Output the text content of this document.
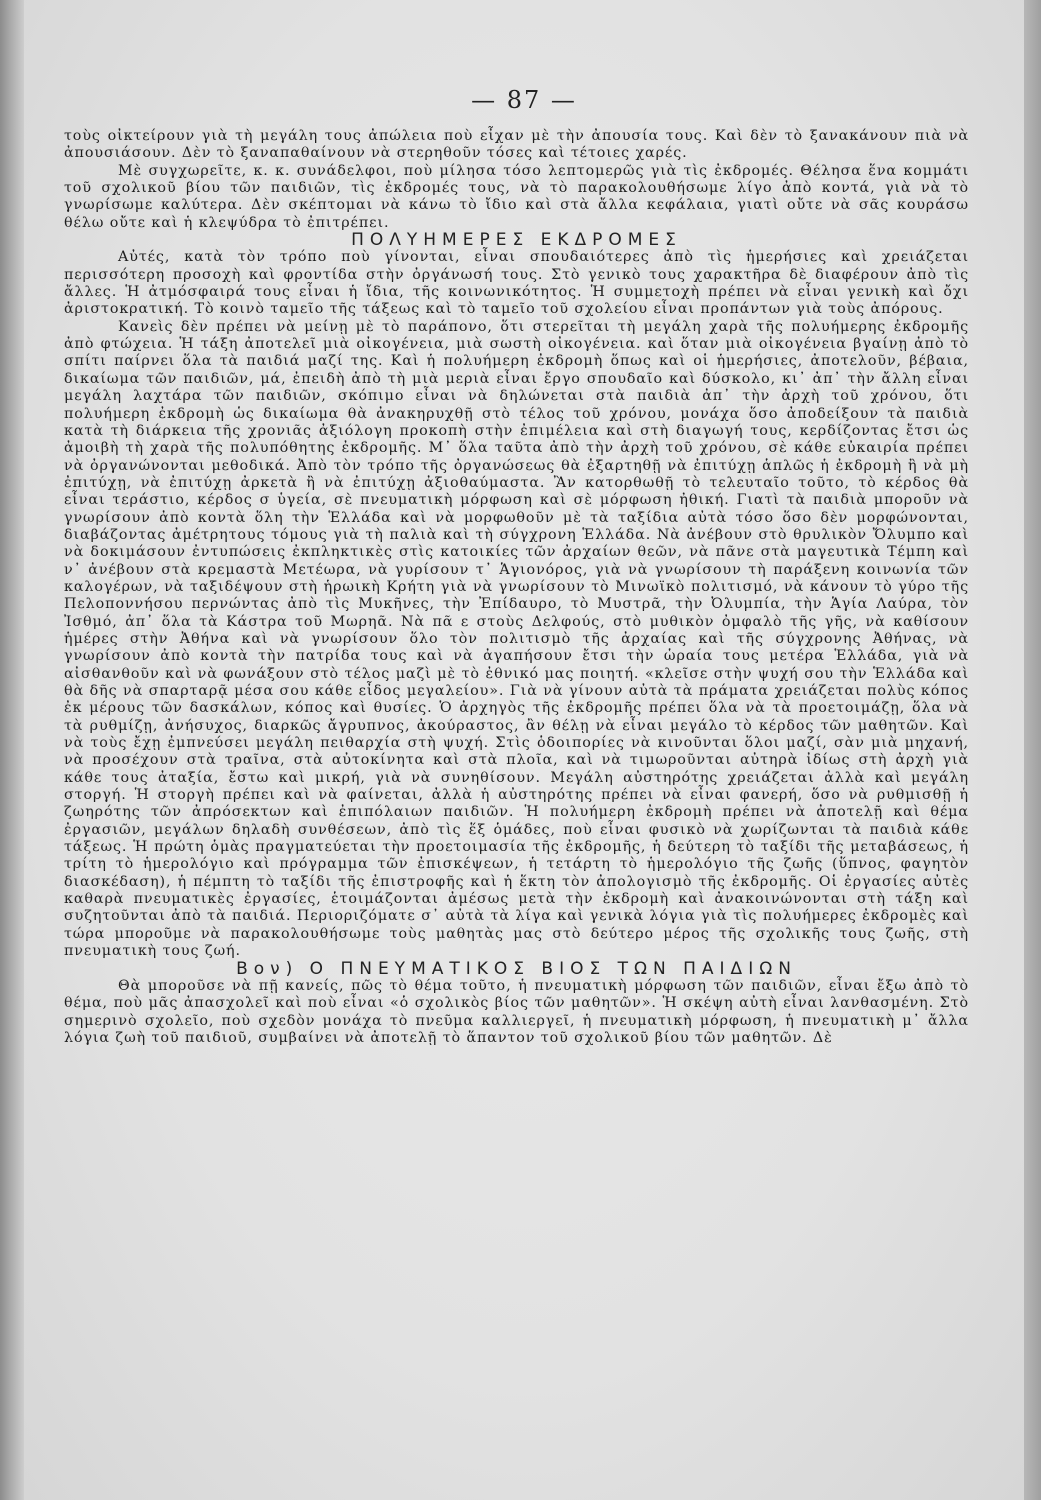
— 87 —

τοὺς οἰκτείρουν γιὰ τὴ μεγάλη τους ἀπώλεια ποὺ εἶχαν μὲ τὴν ἀπουσία τους. Καὶ δὲν τὸ ξανακάνουν πιὰ νὰ ἀπουσιάσουν. Δὲν τὸ ξαναπαθαίνουν νὰ στερηθοῦν τόσες καὶ τέτοιες χαρές.

Μὲ συγχωρεῖτε, κ. κ. συνάδελφοι, ποὺ μίλησα τόσο λεπτομερῶς γιὰ τὶς ἐκδρομές. Θέλησα ἕνα κομμάτι τοῦ σχολικοῦ βίου τῶν παιδιῶν, τὶς ἐκδρομές τους, νὰ τὸ παρακολουθήσωμε λίγο ἀπὸ κοντά, γιὰ νὰ τὸ γνωρίσωμε καλύτερα. Δὲν σκέπτομαι νὰ κάνω τὸ ἴδιο καὶ στὰ ἄλλα κεφάλαια, γιατὶ οὔτε νὰ σᾶς κουράσω θέλω οὔτε καὶ ἡ κλεψύδρα τὸ ἐπιτρέπει.

ΠΟΛΥΗΜΕΡΕΣ ΕΚΔΡΟΜΕΣ

Αὐτές, κατὰ τὸν τρόπο ποὺ γίνονται, εἶναι σπουδαιότερες ἀπὸ τὶς ἡμερήσιες καὶ χρειάζεται περισσότερη προσοχὴ καὶ φροντίδα στὴν ὀργάνωσή τους. Στὸ γενικὸ τους χαρακτῆρα δὲ διαφέρουν ἀπὸ τὶς ἄλλες. Ἡ ἀτμόσφαιρά τους εἶναι ἡ ἴδια, τῆς κοινωνικότητος. Ἡ συμμετοχὴ πρέπει νὰ εἶναι γενικὴ καὶ ὄχι ἀριστοκρατική. Τὸ κοινὸ ταμεῖο τῆς τάξεως καὶ τὸ ταμεῖο τοῦ σχολείου εἶναι προπάντων γιὰ τοὺς ἀπόρους.

Κανεὶς δὲν πρέπει νὰ μείνῃ μὲ τὸ παράπονο, ὅτι στερεῖται τὴ μεγάλη χαρὰ τῆς πολυήμερης ἐκδρομῆς ἀπὸ φτώχεια. Ἡ τάξη ἀποτελεῖ μιὰ οἰκογένεια, μιὰ σωστὴ οἰκογένεια. καὶ ὅταν μιὰ οἰκογένεια βγαίνῃ ἀπὸ τὸ σπίτι παίρνει ὅλα τὰ παιδιά μαζί της. Καὶ ἡ πολυήμερη ἐκδρομὴ ὅπως καὶ οἱ ἡμερήσιες, ἀποτελοῦν, βέβαια, δικαίωμα τῶν παιδιῶν, μά, ἐπειδὴ ἀπὸ τὴ μιὰ μεριὰ εἶναι ἔργο σπουδαῖο καὶ δύσκολο, κι᾿ ἀπ᾿ τὴν ἄλλη εἶναι μεγάλη λαχτάρα τῶν παιδιῶν, σκόπιμο εἶναι νὰ δηλώνεται στὰ παιδιὰ ἀπ᾿ τὴν ἀρχὴ τοῦ χρόνου, ὅτι πολυήμερη ἐκδρομὴ ὡς δικαίωμα θὰ ἀνακηρυχθῇ στὸ τέλος τοῦ χρόνου, μονάχα ὅσο ἀποδείξουν τὰ παιδιὰ κατὰ τὴ διάρκεια τῆς χρονιᾶς ἀξιόλογη προκοπὴ στὴν ἐπιμέλεια καὶ στὴ διαγωγή τους, κερδίζοντας ἔτσι ὡς ἀμοιβὴ τὴ χαρὰ τῆς πολυπόθητης ἐκδρομῆς. Μ᾿ ὅλα ταῦτα ἀπὸ τὴν ἀρχὴ τοῦ χρόνου, σὲ κάθε εὐκαιρία πρέπει νὰ ὀργανώνονται μεθοδικά. Ἀπὸ τὸν τρόπο τῆς ὀργανώσεως θὰ ἐξαρτηθῇ νὰ ἐπιτύχῃ ἁπλῶς ἡ ἐκδρομὴ ἢ νὰ μὴ ἐπιτύχῃ, νὰ ἐπιτύχῃ ἀρκετὰ ἢ νὰ ἐπιτύχῃ ἀξιοθαύμαστα. Ἂν κατορθωθῇ τὸ τελευταῖο τοῦτο, τὸ κέρδος θὰ εἶναι τεράστιο, κέρδος σ ὑγεία, σὲ πνευματικὴ μόρφωση καὶ σὲ μόρφωση ἠθική. Γιατὶ τὰ παιδιὰ μποροῦν νὰ γνωρίσουν ἀπὸ κοντὰ ὅλη τὴν Ἑλλάδα καὶ νὰ μορφωθοῦν μὲ τὰ ταξίδια αὐτὰ τόσο ὅσο δὲν μορφώνονται, διαβάζοντας ἀμέτρητους τόμους γιὰ τὴ παλιὰ καὶ τὴ σύγχρονη Ἑλλάδα. Νὰ ἀνέβουν στὸ θρυλικὸν Ὄλυμπο καὶ νὰ δοκιμάσουν ἐντυπώσεις ἐκπληκτικὲς στὶς κατοικίες τῶν ἀρχαίων θεῶν, νὰ πᾶνε στὰ μαγευτικὰ Τέμπη καὶ ν᾿ ἀνέβουν στὰ κρεμαστὰ Μετέωρα, νὰ γυρίσουν τ᾿ Ἁγιονόρος, γιὰ νὰ γνωρίσουν τὴ παράξενη κοινωνία τῶν καλογέρων, νὰ ταξιδέψουν στὴ ἡρωικὴ Κρήτη γιὰ νὰ γνωρίσουν τὸ Μινωϊκὸ πολιτισμό, νὰ κάνουν τὸ γύρο τῆς Πελοποννήσου περνώντας ἀπὸ τὶς Μυκῆνες, τὴν Ἐπίδαυρο, τὸ Μυστρᾶ, τὴν Ὀλυμπία, τὴν Ἁγία Λαύρα, τὸν Ἰσθμό, ἀπ᾿ ὅλα τὰ Κάστρα τοῦ Μωρηᾶ. Νὰ πᾶ ε στοὺς Δελφούς, στὸ μυθικὸν ὀμφαλὸ τῆς γῆς, νὰ καθίσουν ἡμέρες στὴν Ἀθήνα καὶ νὰ γνωρίσουν ὅλο τὸν πολιτισμὸ τῆς ἀρχαίας καὶ τῆς σύγχρονης Ἀθήνας, νὰ γνωρίσουν ἀπὸ κοντὰ τὴν πατρίδα τους καὶ νὰ ἀγαπήσουν ἔτσι τὴν ὡραία τους μετέρα Ἑλλάδα, γιὰ νὰ αἰσθανθοῦν καὶ νὰ φωνάξουν στὸ τέλος μαζὶ μὲ τὸ ἐθνικό μας ποιητή. «κλεῖσε στὴν ψυχή σου τὴν Ἑλλάδα καὶ θὰ δῆς νὰ σπαρταρᾷ μέσα σου κάθε εἶδος μεγαλείου». Γιὰ νὰ γίνουν αὐτὰ τὰ πράματα χρειάζεται πολὺς κόπος ἐκ μέρους τῶν δασκάλων, κόπος καὶ θυσίες. Ὁ ἀρχηγὸς τῆς ἐκδρομῆς πρέπει ὅλα νὰ τὰ προετοιμάζῃ, ὅλα νὰ τὰ ρυθμίζῃ, ἀνήσυχος, διαρκῶς ἄγρυπνος, ἀκούραστος, ἂν θέλῃ νὰ εἶναι μεγάλο τὸ κέρδος τῶν μαθητῶν. Καὶ νὰ τοὺς ἔχῃ ἐμπνεύσει μεγάλη πειθαρχία στὴ ψυχή. Στὶς ὁδοιπορίες νὰ κινοῦνται ὅλοι μαζί, σὰν μιὰ μηχανή, νὰ προσέχουν στὰ τραῖνα, στὰ αὐτοκίνητα καὶ στὰ πλοῖα, καὶ νὰ τιμωροῦνται αὐτηρὰ ἰδίως στὴ ἀρχὴ γιὰ κάθε τους ἀταξία, ἔστω καὶ μικρή, γιὰ νὰ συνηθίσουν. Μεγάλη αὐστηρότης χρειάζεται ἀλλὰ καὶ μεγάλη στοργή. Ἡ στοργὴ πρέπει καὶ νὰ φαίνεται, ἀλλὰ ἡ αὐστηρότης πρέπει νὰ εἶναι φανερή, ὅσο νὰ ρυθμισθῇ ἡ ζωηρότης τῶν ἀπρόσεκτων καὶ ἐπιπόλαιων παιδιῶν. Ἡ πολυήμερη ἐκδρομὴ πρέπει νὰ ἀποτελῇ καὶ θέμα ἐργασιῶν, μεγάλων δηλαδὴ συνθέσεων, ἀπὸ τὶς ἕξ ὁμάδες, ποὺ εἶναι φυσικὸ νὰ χωρίζωνται τὰ παιδιὰ κάθε τάξεως. Ἡ πρώτη ὁμὰς πραγματεύεται τὴν προετοιμασία τῆς ἐκδρομῆς, ἡ δεύτερη τὸ ταξίδι τῆς μεταβάσεως, ἡ τρίτη τὸ ἡμερολόγιο καὶ πρόγραμμα τῶν ἐπισκέψεων, ἡ τετάρτη τὸ ἡμερολόγιο τῆς ζωῆς (ὕπνος, φαγητὸν διασκέδαση), ἡ πέμπτη τὸ ταξίδι τῆς ἐπιστροφῆς καὶ ἡ ἕκτη τὸν ἀπολογισμὸ τῆς ἐκδρομῆς. Οἱ ἐργασίες αὐτὲς καθαρὰ πνευματικὲς ἐργασίες, ἑτοιμάζονται ἀμέσως μετὰ τὴν ἐκδρομὴ καὶ ἀνακοινώνονται στὴ τάξη καὶ συζητοῦνται ἀπὸ τὰ παιδιά. Περιοριζόματε σ᾿ αὐτὰ τὰ λίγα καὶ γενικὰ λόγια γιὰ τὶς πολυήμερες ἐκδρομὲς καὶ τώρα μποροῦμε νὰ παρακολουθήσωμε τοὺς μαθητὰς μας στὸ δεύτερο μέρος τῆς σχολικῆς τους ζωῆς, στὴ πνευματικὴ τους ζωή.

Βον) Ο ΠΝΕΥΜΑΤΙΚΟΣ ΒΙΟΣ ΤΩΝ ΠΑΙΔΙΩΝ

Θὰ μποροῦσε νὰ πῇ κανείς, πῶς τὸ θέμα τοῦτο, ἡ πνευματικὴ μόρφωση τῶν παιδιῶν, εἶναι ἔξω ἀπὸ τὸ θέμα, ποὺ μᾶς ἀπασχολεῖ καὶ ποὺ εἶναι «ὁ σχολικὸς βίος τῶν μαθητῶν». Ἡ σκέψη αὐτὴ εἶναι λανθασμένη. Στὸ σημερινὸ σχολεῖο, ποὺ σχεδὸν μονάχα τὸ πνεῦμα καλλιεργεῖ, ἡ πνευματικὴ μόρφωση, ἡ πνευματικὴ μ᾿ ἄλλα λόγια ζωὴ τοῦ παιδιοῦ, συμβαίνει νὰ ἀποτελῇ τὸ ἅπαντον τοῦ σχολικοῦ βίου τῶν μαθητῶν. Δὲ
